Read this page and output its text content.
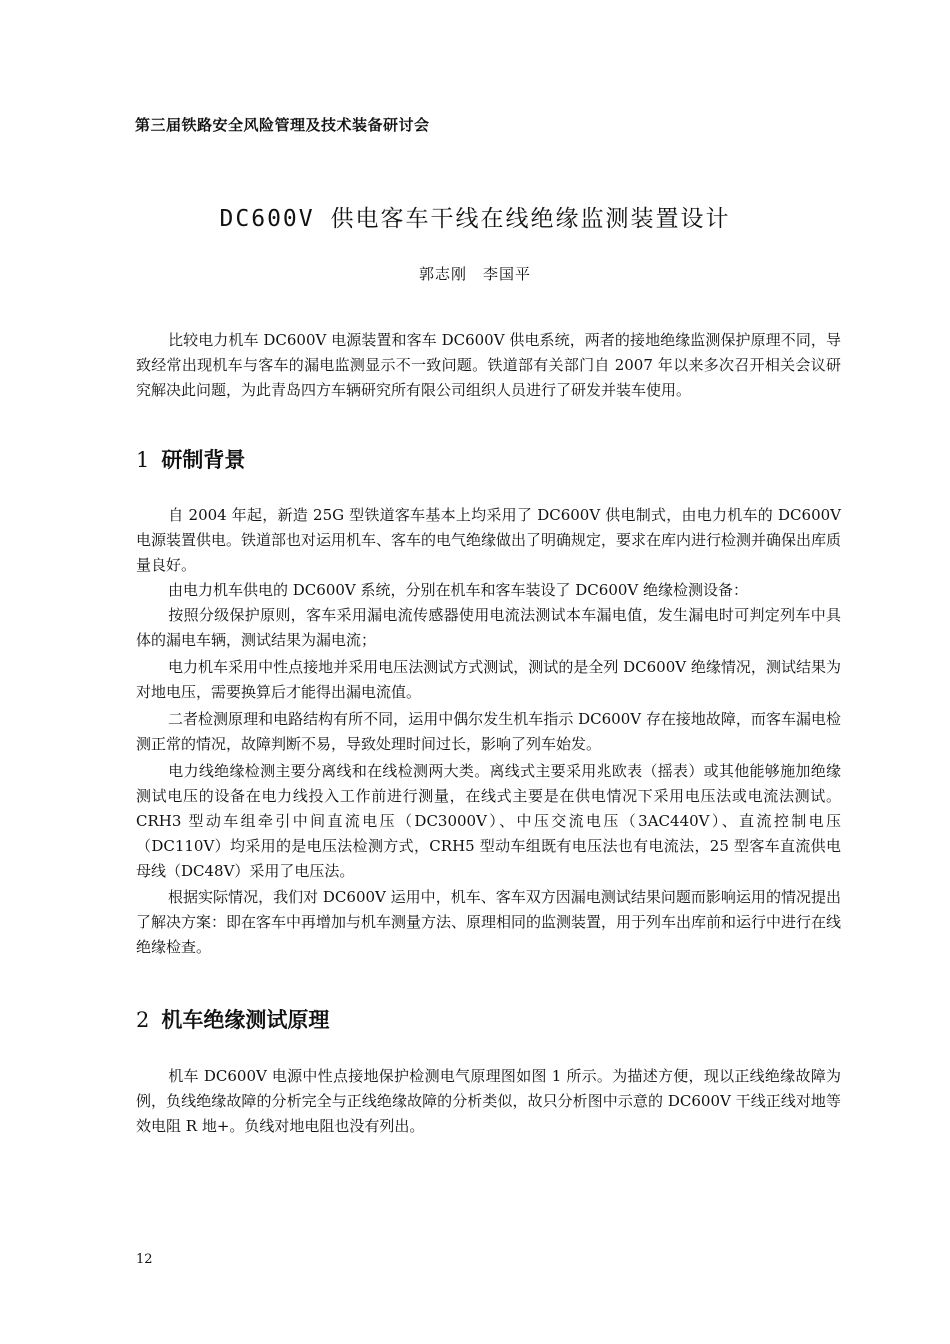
第三届铁路安全风险管理及技术装备研讨会
DC600V 供电客车干线在线绝缘监测装置设计
郭志刚 李国平

比较电力机车 DC600V 电源装置和客车 DC600V 供电系统，两者的接地绝缘监测保护原理不同，导致经常出现机车与客车的漏电监测显示不一致问题。铁道部有关部门自 2007 年以来多次召开相关会议研究解决此问题，为此青岛四方车辆研究所有限公司组织人员进行了研发并装车使用。

1 研制背景

自 2004 年起，新造 25G 型铁道客车基本上均采用了 DC600V 供电制式，由电力机车的 DC600V 电源装置供电。铁道部也对运用机车、客车的电气绝缘做出了明确规定，要求在库内进行检测并确保出库质量良好。

由电力机车供电的 DC600V 系统，分别在机车和客车装设了 DC600V 绝缘检测设备：

按照分级保护原则，客车采用漏电流传感器使用电流法测试本车漏电值，发生漏电时可判定列车中具体的漏电车辆，测试结果为漏电流；

电力机车采用中性点接地并采用电压法测试方式测试，测试的是全列 DC600V 绝缘情况，测试结果为对地电压，需要换算后才能得出漏电流值。

二者检测原理和电路结构有所不同，运用中偶尔发生机车指示 DC600V 存在接地故障，而客车漏电检测正常的情况，故障判断不易，导致处理时间过长，影响了列车始发。

电力线绝缘检测主要分离线和在线检测两大类。离线式主要采用兆欧表（摇表）或其他能够施加绝缘测试电压的设备在电力线投入工作前进行测量，在线式主要是在供电情况下采用电压法或电流法测试。CRH3 型动车组牵引中间直流电压（DC3000V）、中压交流电压（3AC440V）、直流控制电压（DC110V）均采用的是电压法检测方式，CRH5 型动车组既有电压法也有电流法，25 型客车直流供电母线（DC48V）采用了电压法。

根据实际情况，我们对 DC600V 运用中，机车、客车双方因漏电测试结果问题而影响运用的情况提出了解决方案：即在客车中再增加与机车测量方法、原理相同的监测装置，用于列车出库前和运行中进行在线绝缘检查。

2 机车绝缘测试原理

机车 DC600V 电源中性点接地保护检测电气原理图如图 1 所示。为描述方便，现以正线绝缘故障为例，负线绝缘故障的分析完全与正线绝缘故障的分析类似，故只分析图中示意的 DC600V 干线正线对地等效电阻 R 地+。负线对地电阻也没有列出。

12
